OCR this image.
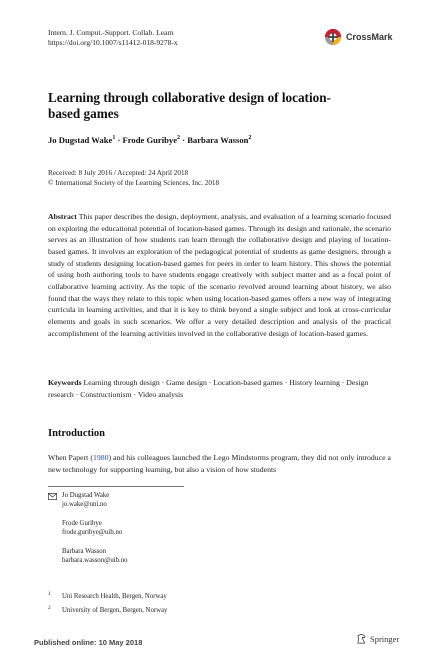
Intern. J. Comput.-Support. Collab. Learn
https://doi.org/10.1007/s11412-018-9278-x
CrossMark
Learning through collaborative design of location-based games
Jo Dugstad Wake$^1$ · Frode Guribye$^2$ · Barbara Wasson$^2$
Received: 8 July 2016 / Accepted: 24 April 2018
© International Society of the Learning Sciences, Inc. 2018
Abstract This paper describes the design, deployment, analysis, and evaluation of a learning scenario focused on exploring the educational potential of location-based games. Through its design and rationale, the scenario serves as an illustration of how students can learn through the collaborative design and playing of location-based games. It involves an exploration of the pedagogical potential of students as game designers, through a study of students designing location-based games for peers in order to learn history. This shows the potential of using both authoring tools to have students engage creatively with subject matter and as a focal point of collaborative learning activity. As the topic of the scenario revolved around learning about history, we also found that the ways they relate to this topic when using location-based games offers a new way of integrating curricula in learning activities, and that it is key to think beyond a single subject and look at cross-curricular elements and goals in such scenarios. We offer a very detailed description and analysis of the practical accomplishment of the learning activities involved in the collaborative design of location-based games.
Keywords Learning through design · Game design · Location-based games · History learning · Design research · Constructionism · Video analysis
Introduction
When Papert (1980) and his colleagues launched the Lego Mindstorms program, they did not only introduce a new technology for supporting learning, but also a vision of how students
Jo Dugstad Wake
jo.wake@uni.no
Frode Guribye
frode.guribye@uib.no
Barbara Wasson
barbara.wasson@uib.no
1 Uni Research Health, Bergen, Norway
2 University of Bergen, Bergen, Norway
Published online: 10 May 2018	Springer
